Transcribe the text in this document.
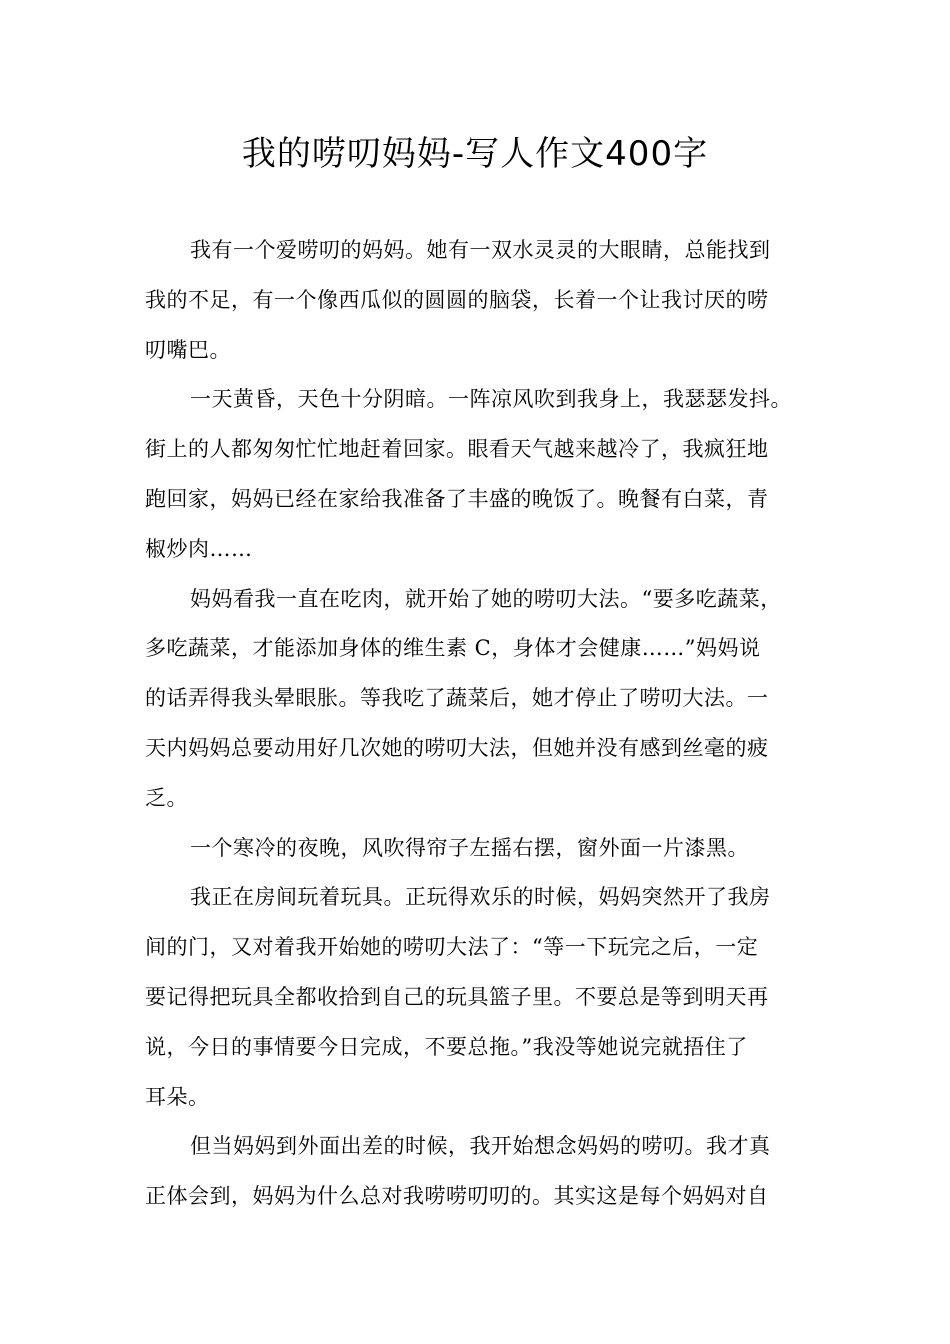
我的唠叨妈妈-写人作文400字
我有一个爱唠叨的妈妈。她有一双水灵灵的大眼睛，总能找到
我的不足，有一个像西瓜似的圆圆的脑袋，长着一个让我讨厌的唠
叨嘴巴。
一天黄昏，天色十分阴暗。一阵凉风吹到我身上，我瑟瑟发抖。
街上的人都匆匆忙忙地赶着回家。眼看天气越来越冷了，我疯狂地
跑回家，妈妈已经在家给我准备了丰盛的晚饭了。晚餐有白菜，青
椒炒肉……
妈妈看我一直在吃肉，就开始了她的唠叨大法。“要多吃蔬菜，
多吃蔬菜，才能添加身体的维生素 C，身体才会健康……”妈妈说
的话弄得我头晕眼胀。等我吃了蔬菜后，她才停止了唠叨大法。一
天内妈妈总要动用好几次她的唠叨大法，但她并没有感到丝毫的疲
乏。
一个寒冷的夜晚，风吹得帘子左摇右摆，窗外面一片漆黑。
我正在房间玩着玩具。正玩得欢乐的时候，妈妈突然开了我房
间的门，又对着我开始她的唠叨大法了：“等一下玩完之后，一定
要记得把玩具全都收拾到自己的玩具篮子里。不要总是等到明天再
说，今日的事情要今日完成，不要总拖。”我没等她说完就捂住了
耳朵。
但当妈妈到外面出差的时候，我开始想念妈妈的唠叨。我才真
正体会到，妈妈为什么总对我唠唠叨叨的。其实这是每个妈妈对自
